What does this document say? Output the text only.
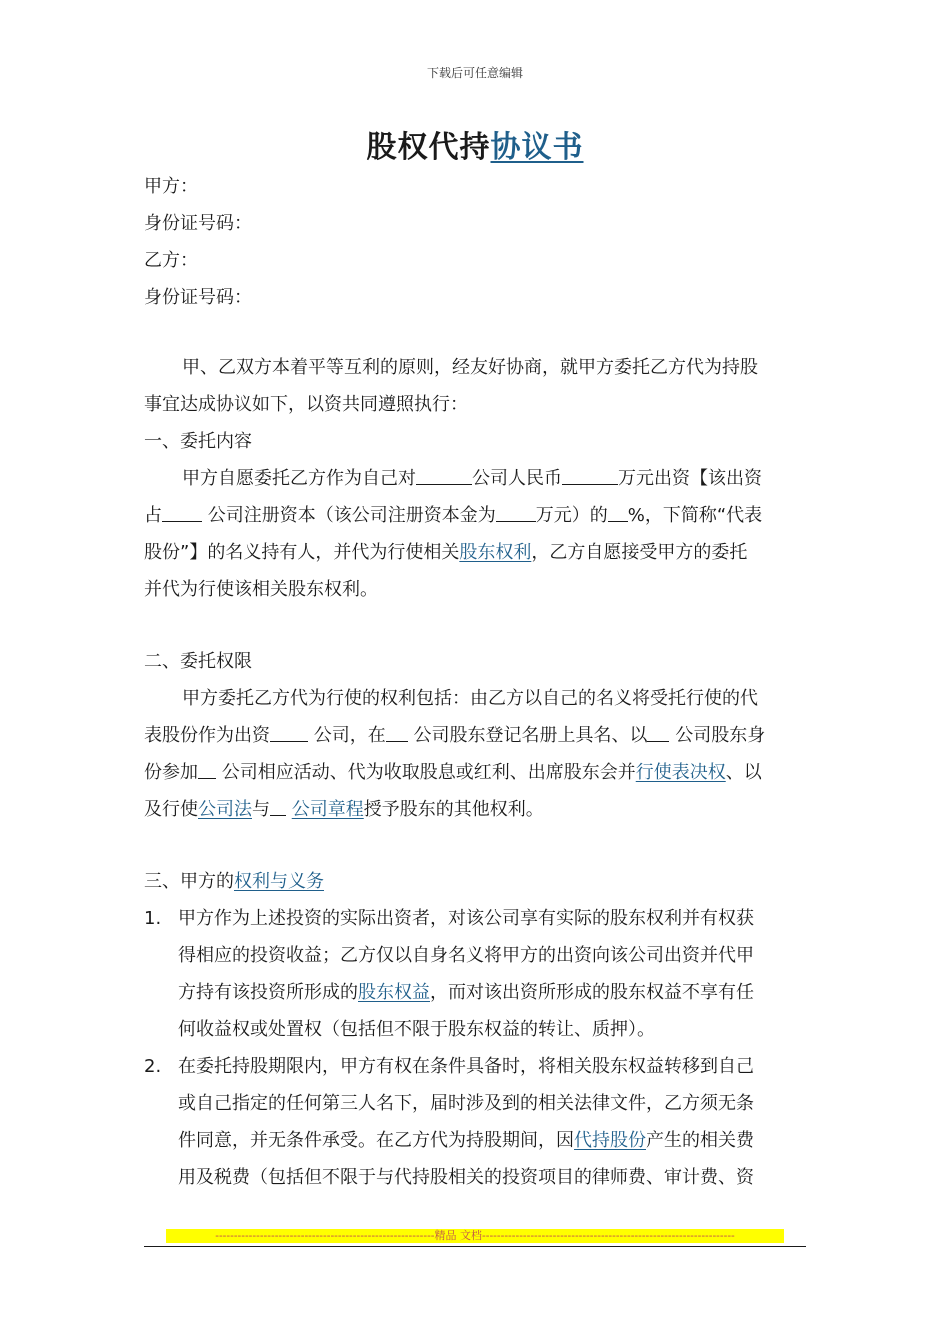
下载后可任意编辑
股权代持协议书
甲方：
身份证号码：
乙方：
身份证号码：
甲、乙双方本着平等互利的原则，经友好协商，就甲方委托乙方代为持股
事宜达成协议如下，以资共同遵照执行：
一、委托内容
甲方自愿委托乙方作为自己对	公司人民币	万元出资【该出资
占 公司注册资本（该公司注册资本金为 万元）的 %，下简称“代表
股份”】的名义持有人，并代为行使相关股东权利，乙方自愿接受甲方的委托
并代为行使该相关股东权利。
二、委托权限
甲方委托乙方代为行使的权利包括：由乙方以自己的名义将受托行使的代
表股份作为出资 公司，在 公司股东登记名册上具名、以 公司股东身
份参加 公司相应活动、代为收取股息或红利、出席股东会并行使表决权、以
及行使公司法与 公司章程授予股东的其他权利。
三、甲方的权利与义务
1. 甲方作为上述投资的实际出资者，对该公司享有实际的股东权利并有权获
得相应的投资收益；乙方仅以自身名义将甲方的出资向该公司出资并代甲
方持有该投资所形成的股东权益，而对该出资所形成的股东权益不享有任
何收益权或处置权（包括但不限于股东权益的转让、质押）。
2. 在委托持股期限内，甲方有权在条件具备时，将相关股东权益转移到自己
或自己指定的任何第三人名下，届时涉及到的相关法律文件，乙方须无条
件同意，并无条件承受。在乙方代为持股期间，因代持股份产生的相关费
用及税费（包括但不限于与代持股相关的投资项目的律师费、审计费、资
-----------------------------------------------------------精品 文档--------------------------------------------------------------------
